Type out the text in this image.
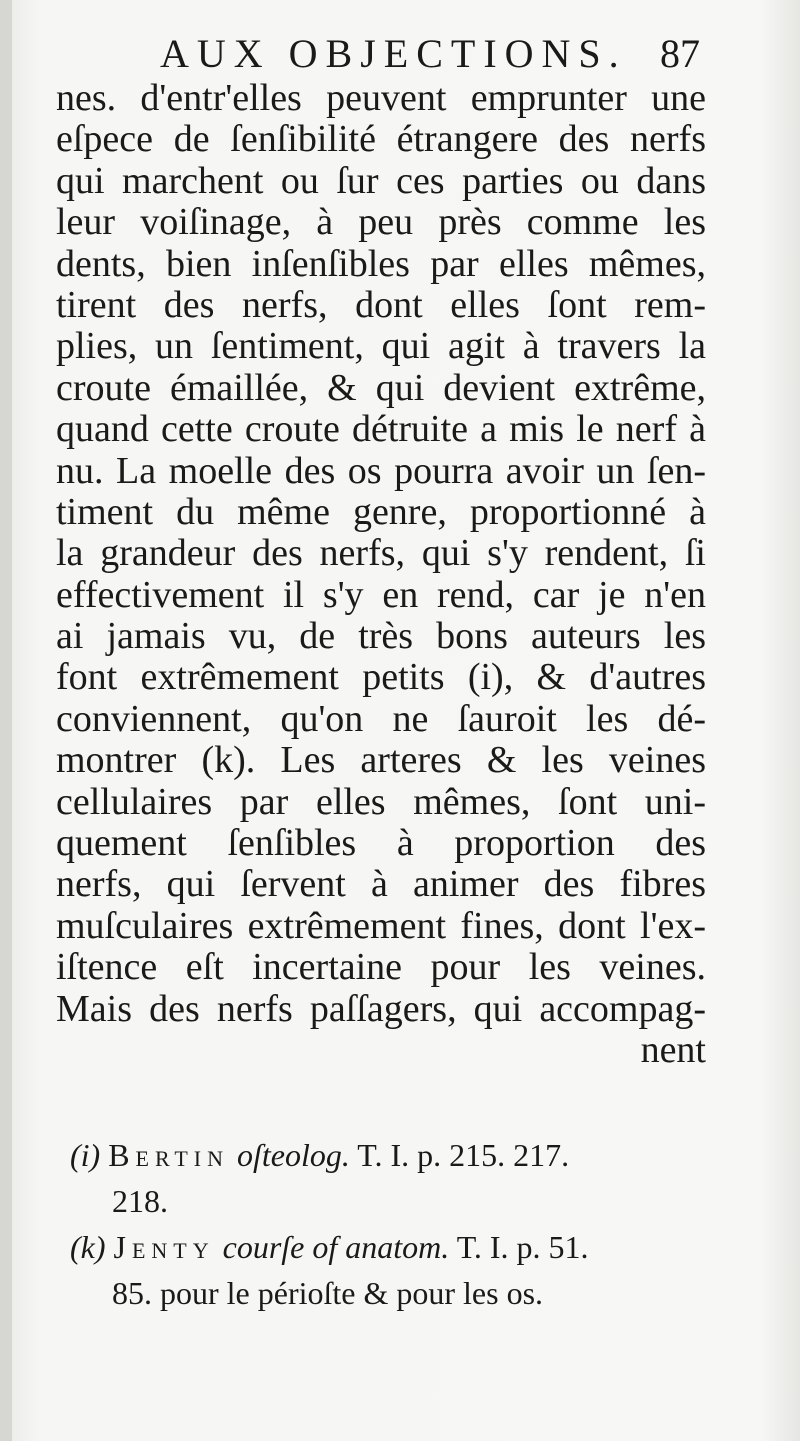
AUX OBJECTIONS. 87
nes. d'entr'elles peuvent emprunter une
eſpece de ſenſibilité étrangere des nerfs
qui marchent ou ſur ces parties ou dans
leur voiſinage, à peu près comme les
dents, bien inſenſibles par elles mêmes,
tirent des nerfs, dont elles ſont rem-
plies, un ſentiment, qui agit à travers la
croute émaillée, & qui devient extrême,
quand cette croute détruite a mis le nerf à
nu. La moelle des os pourra avoir un ſen-
timent du même genre, proportionné à
la grandeur des nerfs, qui s'y rendent, ſi
effectivement il s'y en rend, car je n'en
ai jamais vu, de très bons auteurs les
font extrêmement petits (i), & d'autres
conviennent, qu'on ne ſauroit les dé-
montrer (k). Les arteres & les veines
cellulaires par elles mêmes, ſont uni-
quement ſenſibles à proportion des
nerfs, qui ſervent à animer des fibres
muſculaires extrêmement fines, dont l'ex-
iſtence eſt incertaine pour les veines.
Mais des nerfs paſſagers, qui accompag-
nent
(i) Bertin oſteolog. T. I. p. 215. 217.
218.
(k) Jenty courſe of anatom. T. I. p. 51.
85. pour le périoſte & pour les os.
